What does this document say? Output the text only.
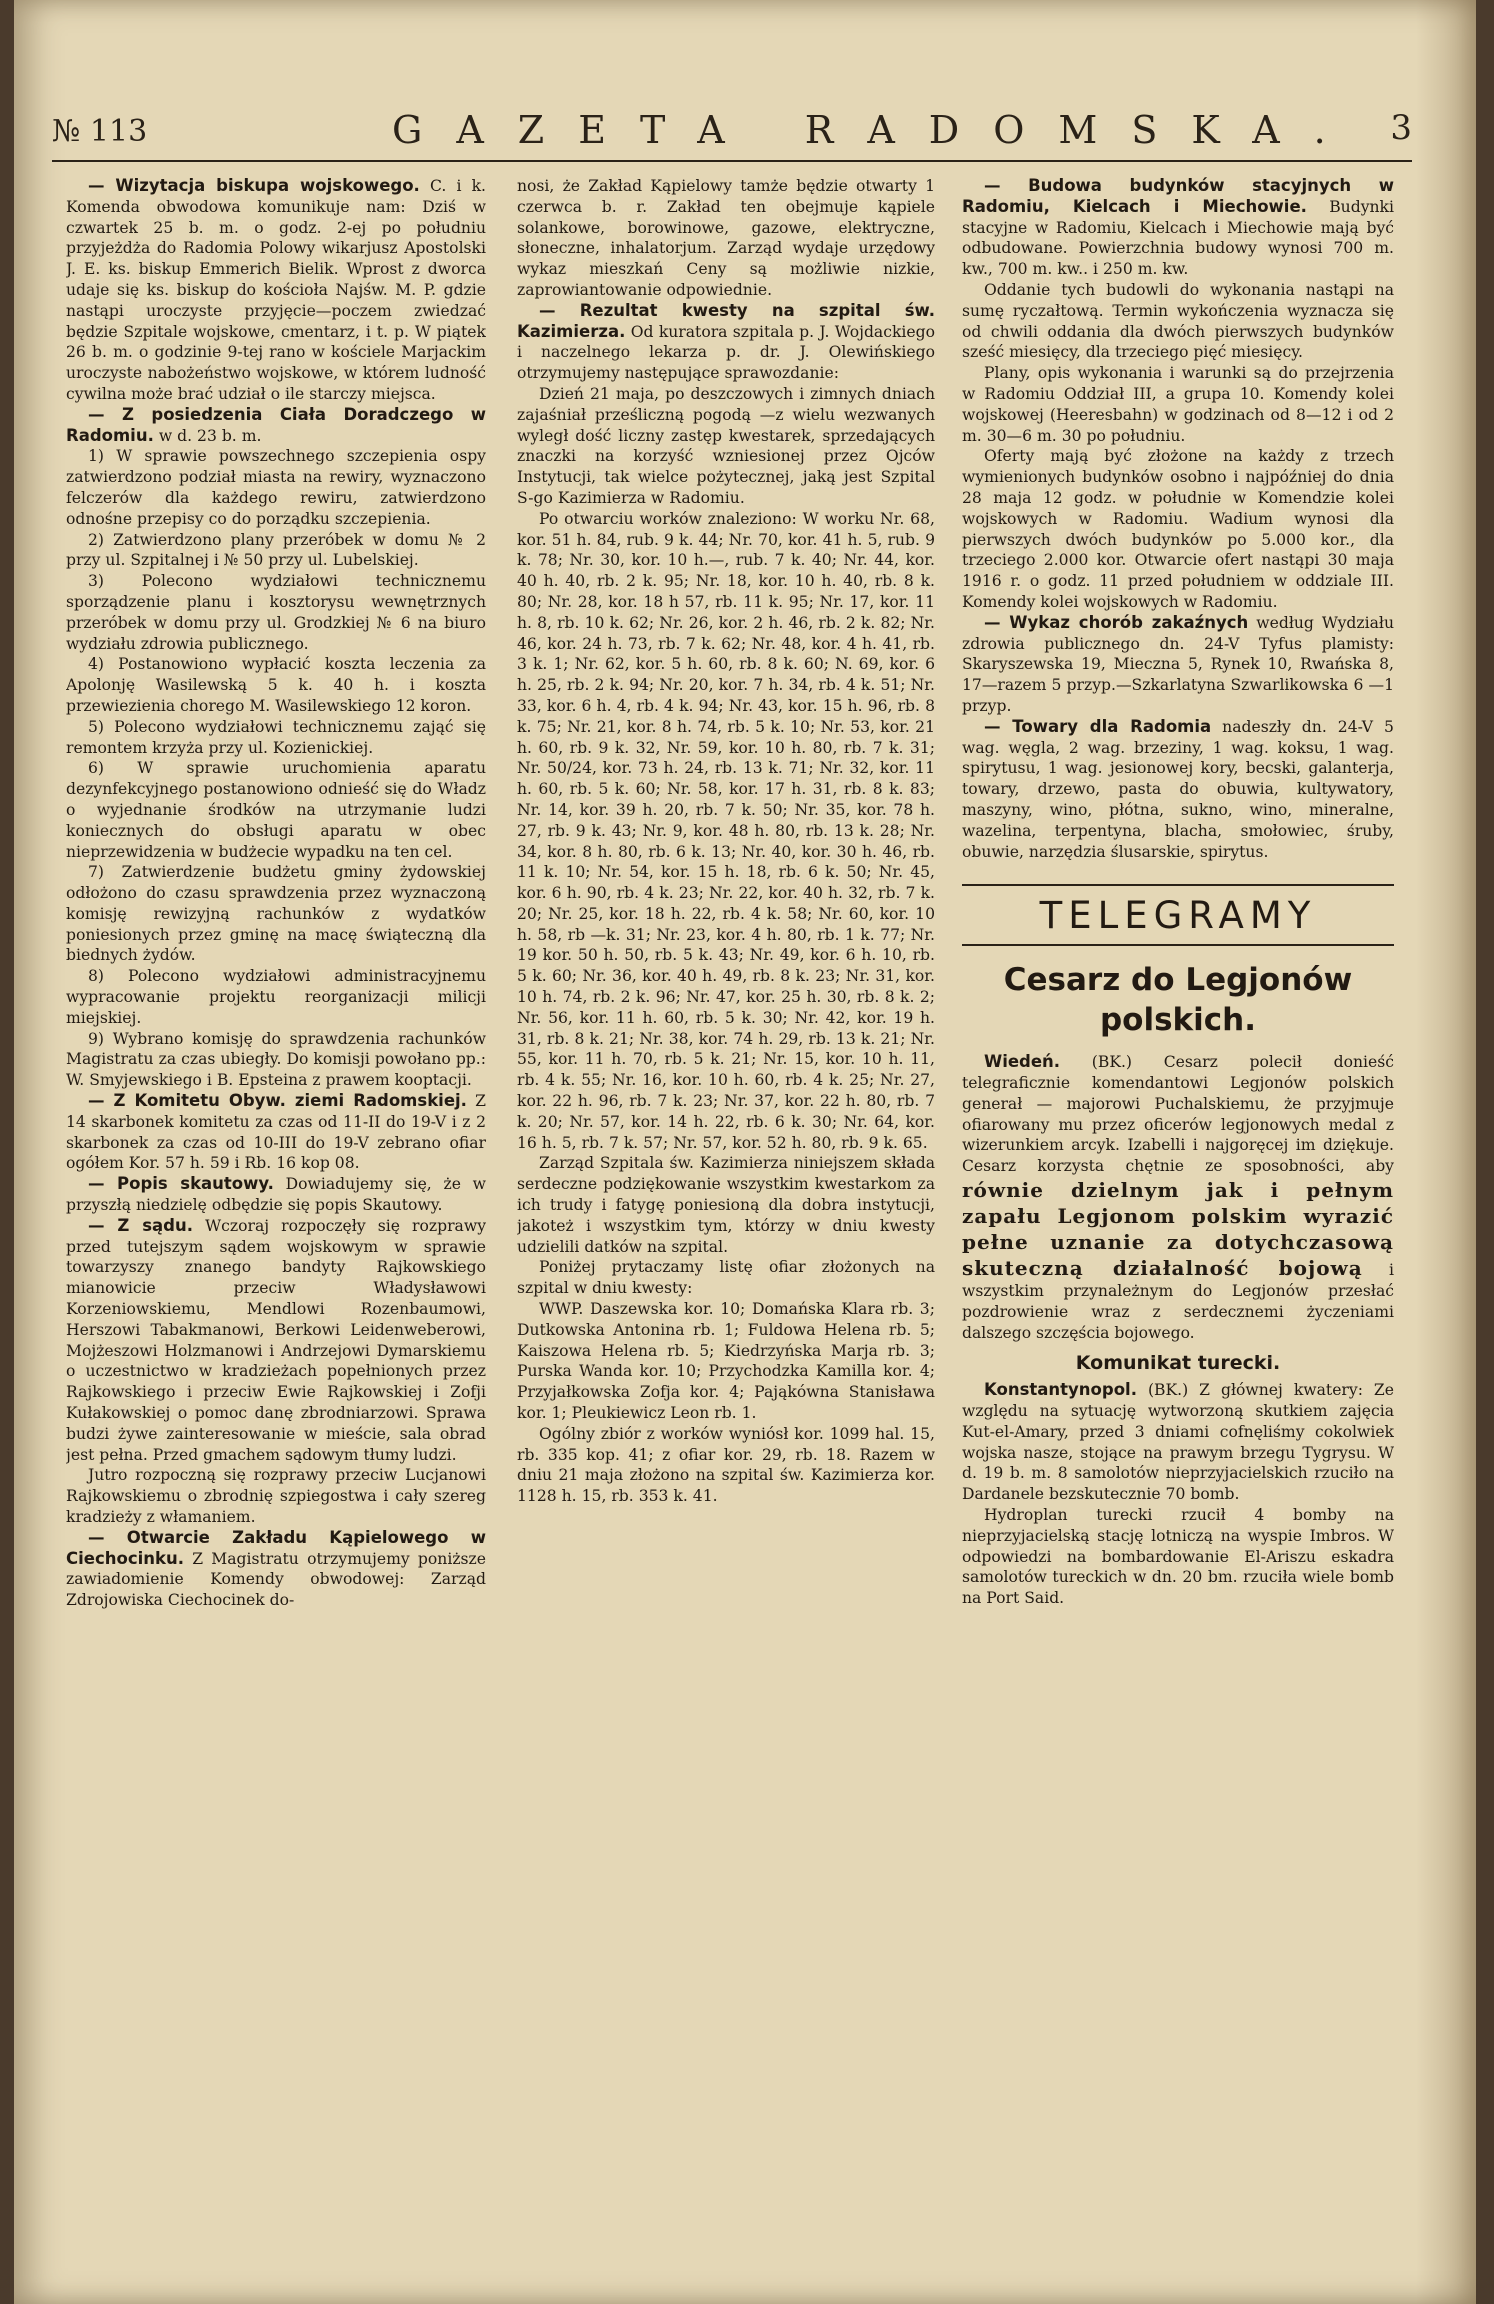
№ 113	GAZETA RADOMSKA. 3

— Wizytacja biskupa wojskowego. C. i k. Komenda obwodowa komunikuje nam: Dziś w czwartek 25 b. m. o godz. 2-ej po południu przyjeżdża do Radomia Polowy wikarjusz Apostolski J. E. ks. biskup Emmerich Bielik. Wprost z dworca udaje się ks. biskup do kościoła Najśw. M. P. gdzie nastąpi uroczyste przyjęcie—poczem zwiedzać będzie Szpitale wojskowe, cmentarz, i t. p. W piątek 26 b. m. o godzinie 9-tej rano w kościele Marjackim uroczyste nabożeństwo wojskowe, w którem ludność cywilna może brać udział o ile starczy miejsca.

— Z posiedzenia Ciała Doradczego w Radomiu. w d. 23 b. m.

1) W sprawie powszechnego szczepienia ospy zatwierdzono podział miasta na rewiry, wyznaczono felczerów dla każdego rewiru, zatwierdzono odnośne przepisy co do porządku szczepienia.

2) Zatwierdzono plany przeróbek w domu № 2 przy ul. Szpitalnej i № 50 przy ul. Lubelskiej.

3) Polecono wydziałowi technicznemu sporządzenie planu i kosztorysu wewnętrznych przeróbek w domu przy ul. Grodzkiej № 6 na biuro wydziału zdrowia publicznego.

4) Postanowiono wypłacić koszta leczenia za Apolonję Wasilewską 5 k. 40 h. i koszta przewiezienia chorego M. Wasilewskiego 12 koron.

5) Polecono wydziałowi technicznemu zająć się remontem krzyża przy ul. Kozienickiej.

6) W sprawie uruchomienia aparatu dezynfekcyjnego postanowiono odnieść się do Władz o wyjednanie środków na utrzymanie ludzi koniecznych do obsługi aparatu w obec nieprzewidzenia w budżecie wypadku na ten cel.

7) Zatwierdzenie budżetu gminy żydowskiej odłożono do czasu sprawdzenia przez wyznaczoną komisję rewizyjną rachunków z wydatków poniesionych przez gminę na macę świąteczną dla biednych żydów.

8) Polecono wydziałowi administracyjnemu wypracowanie projektu reorganizacji milicji miejskiej.

9) Wybrano komisję do sprawdzenia rachunków Magistratu za czas ubiegły. Do komisji powołano pp.: W. Smyjewskiego i B. Epsteina z prawem kooptacji.

— Z Komitetu Obyw. ziemi Radomskiej. Z 14 skarbonek komitetu za czas od 11-II do 19-V i z 2 skarbonek za czas od 10-III do 19-V zebrano ofiar ogółem Kor. 57 h. 59 i Rb. 16 kop 08.

— Popis skautowy. Dowiadujemy się, że w przyszłą niedzielę odbędzie się popis Skautowy.

— Z sądu. Wczoraj rozpoczęły się rozprawy przed tutejszym sądem wojskowym w sprawie towarzyszy znanego bandyty Rajkowskiego mianowicie przeciw Władysławowi Korzeniowskiemu, Mendlowi Rozenbaumowi, Herszowi Tabakmanowi, Berkowi Leidenweberowi, Mojżeszowi Holzmanowi i Andrzejowi Dymarskiemu o uczestnictwo w kradzieżach popełnionych przez Rajkowskiego i przeciw Ewie Rajkowskiej i Zofji Kułakowskiej o pomoc danę zbrodniarzowi. Sprawa budzi żywe zainteresowanie w mieście, sala obrad jest pełna. Przed gmachem sądowym tłumy ludzi.

Jutro rozpoczną się rozprawy przeciw Lucjanowi Rajkowskiemu o zbrodnię szpiegostwa i cały szereg kradzieży z włamaniem.

— Otwarcie Zakładu Kąpielowego w Ciechocinku. Z Magistratu otrzymujemy poniższe zawiadomienie Komendy obwodowej: Zarząd Zdrojowiska Ciechocinek do-

nosi, że Zakład Kąpielowy tamże będzie otwarty 1 czerwca b. r. Zakład ten obejmuje kąpiele solankowe, borowinowe, gazowe, elektryczne, słoneczne, inhalatorjum. Zarząd wydaje urzędowy wykaz mieszkań Ceny są możliwie nizkie, zaprowiantowanie odpowiednie.

— Rezultat kwesty na szpital św. Kazimierza. Od kuratora szpitala p. J. Wojdackiego i naczelnego lekarza p. dr. J. Olewińskiego otrzymujemy następujące sprawozdanie:

Dzień 21 maja, po deszczowych i zimnych dniach zajaśniał prześliczną pogodą —z wielu wezwanych wyległ dość liczny zastęp kwestarek, sprzedających znaczki na korzyść wzniesionej przez Ojców Instytucji, tak wielce pożytecznej, jaką jest Szpital S-go Kazimierza w Radomiu.

Po otwarciu worków znaleziono: W worku Nr. 68, kor. 51 h. 84, rub. 9 k. 44; Nr. 70, kor. 41 h. 5, rub. 9 k. 78; Nr. 30, kor. 10 h.—, rub. 7 k. 40; Nr. 44, kor. 40 h. 40, rb. 2 k. 95; Nr. 18, kor. 10 h. 40, rb. 8 k. 80; Nr. 28, kor. 18 h 57, rb. 11 k. 95; Nr. 17, kor. 11 h. 8, rb. 10 k. 62; Nr. 26, kor. 2 h. 46, rb. 2 k. 82; Nr. 46, kor. 24 h. 73, rb. 7 k. 62; Nr. 48, kor. 4 h. 41, rb. 3 k. 1; Nr. 62, kor. 5 h. 60, rb. 8 k. 60; N. 69, kor. 6 h. 25, rb. 2 k. 94; Nr. 20, kor. 7 h. 34, rb. 4 k. 51; Nr. 33, kor. 6 h. 4, rb. 4 k. 94; Nr. 43, kor. 15 h. 96, rb. 8 k. 75; Nr. 21, kor. 8 h. 74, rb. 5 k. 10; Nr. 53, kor. 21 h. 60, rb. 9 k. 32, Nr. 59, kor. 10 h. 80, rb. 7 k. 31; Nr. 50/24, kor. 73 h. 24, rb. 13 k. 71; Nr. 32, kor. 11 h. 60, rb. 5 k. 60; Nr. 58, kor. 17 h. 31, rb. 8 k. 83; Nr. 14, kor. 39 h. 20, rb. 7 k. 50; Nr. 35, kor. 78 h. 27, rb. 9 k. 43; Nr. 9, kor. 48 h. 80, rb. 13 k. 28; Nr. 34, kor. 8 h. 80, rb. 6 k. 13; Nr. 40, kor. 30 h. 46, rb. 11 k. 10; Nr. 54, kor. 15 h. 18, rb. 6 k. 50; Nr. 45, kor. 6 h. 90, rb. 4 k. 23; Nr. 22, kor. 40 h. 32, rb. 7 k. 20; Nr. 25, kor. 18 h. 22, rb. 4 k. 58; Nr. 60, kor. 10 h. 58, rb —k. 31; Nr. 23, kor. 4 h. 80, rb. 1 k. 77; Nr. 19 kor. 50 h. 50, rb. 5 k. 43; Nr. 49, kor. 6 h. 10, rb. 5 k. 60; Nr. 36, kor. 40 h. 49, rb. 8 k. 23; Nr. 31, kor. 10 h. 74, rb. 2 k. 96; Nr. 47, kor. 25 h. 30, rb. 8 k. 2; Nr. 56, kor. 11 h. 60, rb. 5 k. 30; Nr. 42, kor. 19 h. 31, rb. 8 k. 21; Nr. 38, kor. 74 h. 29, rb. 13 k. 21; Nr. 55, kor. 11 h. 70, rb. 5 k. 21; Nr. 15, kor. 10 h. 11, rb. 4 k. 55; Nr. 16, kor. 10 h. 60, rb. 4 k. 25; Nr. 27, kor. 22 h. 96, rb. 7 k. 23; Nr. 37, kor. 22 h. 80, rb. 7 k. 20; Nr. 57, kor. 14 h. 22, rb. 6 k. 30; Nr. 64, kor. 16 h. 5, rb. 7 k. 57; Nr. 57, kor. 52 h. 80, rb. 9 k. 65.

Zarząd Szpitala św. Kazimierza niniejszem składa serdeczne podziękowanie wszystkim kwestarkom za ich trudy i fatygę poniesioną dla dobra instytucji, jakoteż i wszystkim tym, którzy w dniu kwesty udzielili datków na szpital.

Poniżej prytaczamy listę ofiar złożonych na szpital w dniu kwesty:

WWP. Daszewska kor. 10; Domańska Klara rb. 3; Dutkowska Antonina rb. 1; Fuldowa Helena rb. 5; Kaiszowa Helena rb. 5; Kiedrzyńska Marja rb. 3; Purska Wanda kor. 10; Przychodzka Kamilla kor. 4; Przyjałkowska Zofja kor. 4; Pająkówna Stanisława kor. 1; Pleukiewicz Leon rb. 1.

Ogólny zbiór z worków wyniósł kor. 1099 hal. 15, rb. 335 kop. 41; z ofiar kor. 29, rb. 18. Razem w dniu 21 maja złożono na szpital św. Kazimierza kor. 1128 h. 15, rb. 353 k. 41.

— Budowa budynków stacyjnych w Radomiu, Kielcach i Miechowie. Budynki stacyjne w Radomiu, Kielcach i Miechowie mają być odbudowane. Powierzchnia budowy wynosi 700 m. kw., 700 m. kw.. i 250 m. kw.

Oddanie tych budowli do wykonania nastąpi na sumę ryczałtową. Termin wykończenia wyznacza się od chwili oddania dla dwóch pierwszych budynków sześć miesięcy, dla trzeciego pięć miesięcy.

Plany, opis wykonania i warunki są do przejrzenia w Radomiu Oddział III, a grupa 10. Komendy kolei wojskowej (Heeresbahn) w godzinach od 8—12 i od 2 m. 30—6 m. 30 po południu.

Oferty mają być złożone na każdy z trzech wymienionych budynków osobno i najpóźniej do dnia 28 maja 12 godz. w południe w Komendzie kolei wojskowych w Radomiu. Wadium wynosi dla pierwszych dwóch budynków po 5.000 kor., dla trzeciego 2.000 kor. Otwarcie ofert nastąpi 30 maja 1916 r. o godz. 11 przed południem w oddziale III. Komendy kolei wojskowych w Radomiu.

— Wykaz chorób zakaźnych według Wydziału zdrowia publicznego dn. 24-V Tyfus plamisty: Skaryszewska 19, Mieczna 5, Rynek 10, Rwańska 8, 17—razem 5 przyp.—Szkarlatyna Szwarlikowska 6 —1 przyp.

— Towary dla Radomia nadeszły dn. 24-V 5 wag. węgla, 2 wag. brzeziny, 1 wag. koksu, 1 wag. spirytusu, 1 wag. jesionowej kory, becski, galanterja, towary, drzewo, pasta do obuwia, kultywatory, maszyny, wino, płótna, sukno, wino, mineralne, wazelina, terpentyna, blacha, smołowiec, śruby, obuwie, narzędzia ślusarskie, spirytus.

TELEGRAMY
Cesarz do Legjonów polskich.

Wiedeń. (BK.) Cesarz polecił donieść telegraficznie komendantowi Legjonów polskich generał — majorowi Puchalskiemu, że przyjmuje ofiarowany mu przez oficerów legjonowych medal z wizerunkiem arcyk. Izabelli i najgoręcej im dziękuje. Cesarz korzysta chętnie ze sposobności, aby równie dzielnym jak i pełnym zapału Legjonom polskim wyrazić pełne uznanie za dotychczasową skuteczną działalność bojową i wszystkim przynależnym do Legjonów przesłać pozdrowienie wraz z serdecznemi życzeniami dalszego szczęścia bojowego.

Komunikat turecki.

Konstantynopol. (BK.) Z głównej kwatery: Ze względu na sytuację wytworzoną skutkiem zajęcia Kut-el-Amary, przed 3 dniami cofnęliśmy cokolwiek wojska nasze, stojące na prawym brzegu Tygrysu. W d. 19 b. m. 8 samolotów nieprzyjacielskich rzuciło na Dardanele bezskutecznie 70 bomb.

Hydroplan turecki rzucił 4 bomby na nieprzyjacielską stację lotniczą na wyspie Imbros. W odpowiedzi na bombardowanie El-Ariszu eskadra samolotów tureckich w dn. 20 bm. rzuciła wiele bomb na Port Said.
